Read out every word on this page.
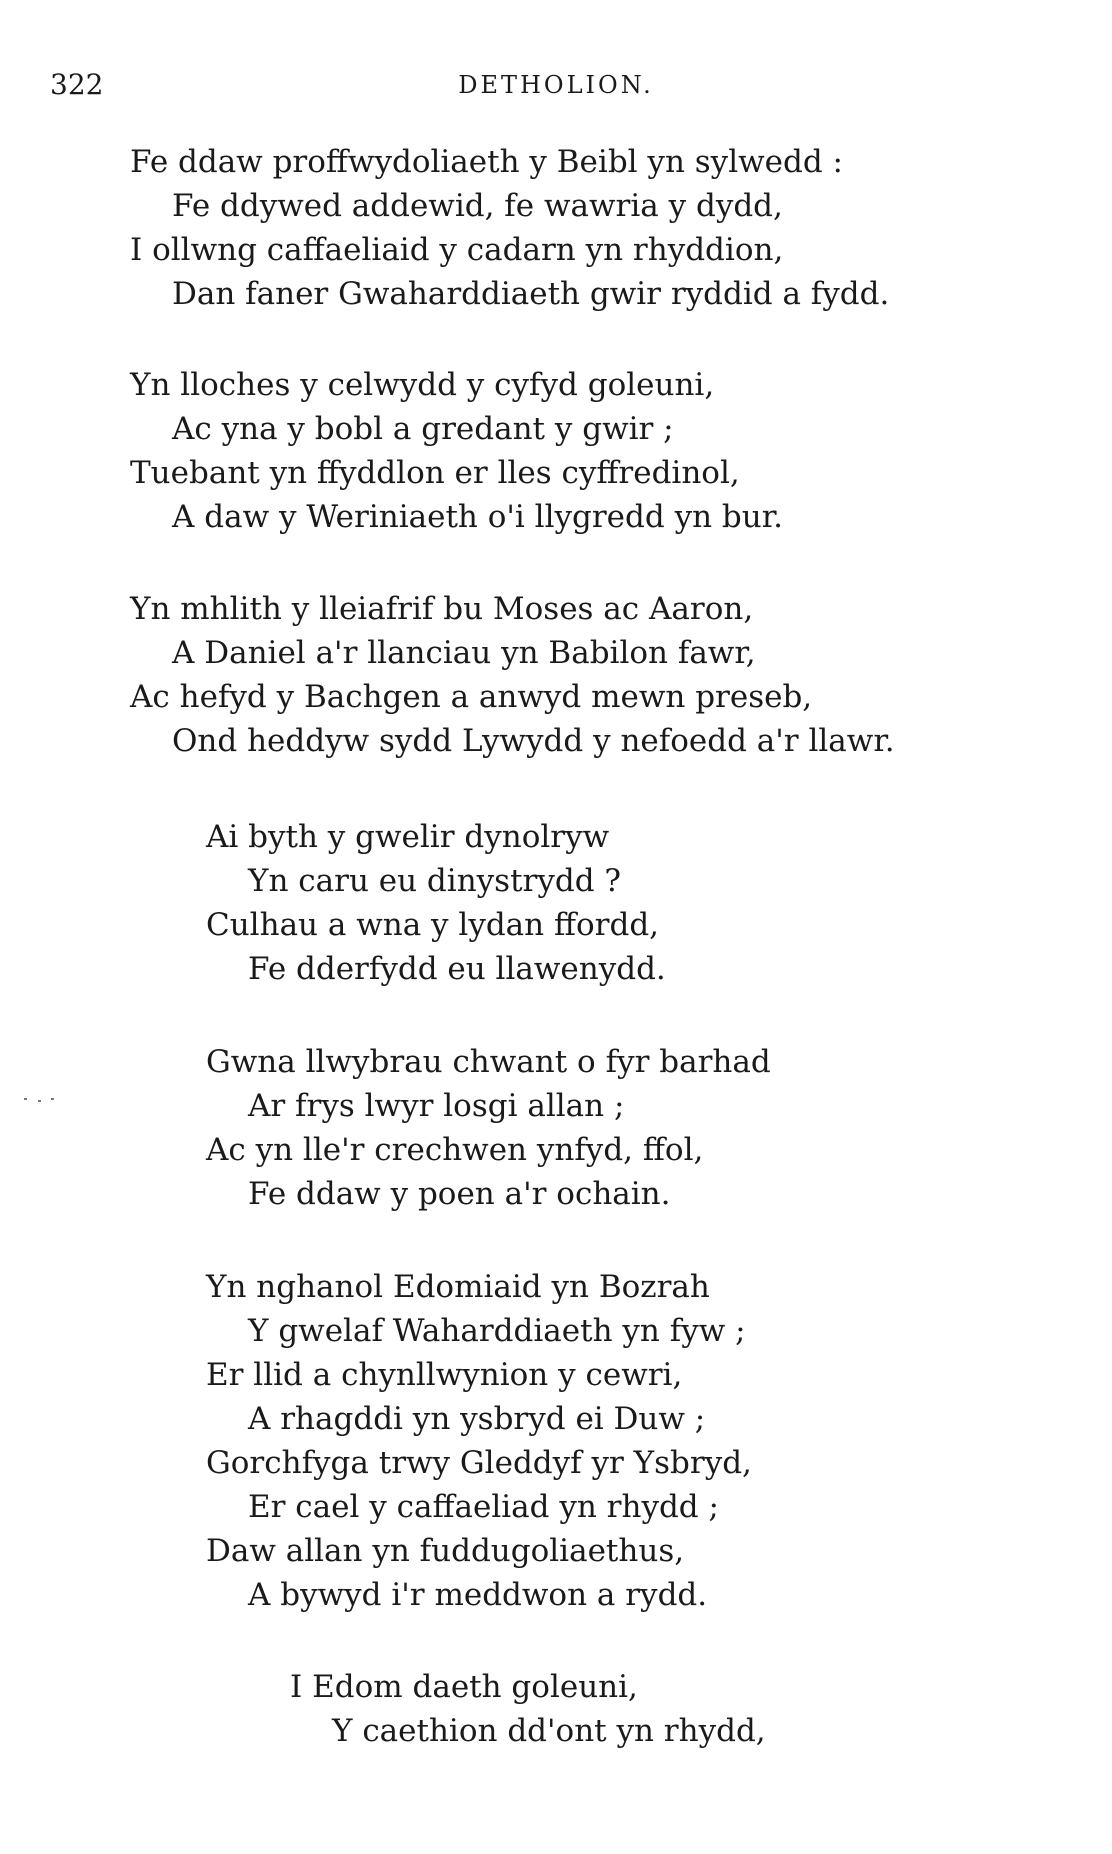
322	DETHOLION.
Fe ddaw proffwydoliaeth y Beibl yn sylwedd :
Fe ddywed addewid, fe wawria y dydd,
I ollwng caffaeliaid y cadarn yn rhyddion,
Dan faner Gwaharddiaeth gwir ryddid a fydd.
Yn lloches y celwydd y cyfyd goleuni,
Ac yna y bobl a gredant y gwir ;
Tuebant yn ffyddlon er lles cyffredinol,
A daw y Weriniaeth o'i llygredd yn bur.
Yn mhlith y lleiafrif bu Moses ac Aaron,
A Daniel a'r llanciau yn Babilon fawr,
Ac hefyd y Bachgen a anwyd mewn preseb,
Ond heddyw sydd Lywydd y nefoedd a'r llawr.
Ai byth y gwelir dynolryw
Yn caru eu dinystrydd ?
Culhau a wna y lydan ffordd,
Fe dderfydd eu llawenydd.
Gwna llwybrau chwant o fyr barhad
Ar frys lwyr losgi allan ;
Ac yn lle'r crechwen ynfyd, ffol,
Fe ddaw y poen a'r ochain.
Yn nghanol Edomiaid yn Bozrah
Y gwelaf Waharddiaeth yn fyw ;
Er llid a chynllwynion y cewri,
A rhagddi yn ysbryd ei Duw ;
Gorchfyga trwy Gleddyf yr Ysbryd,
Er cael y caffaeliad yn rhydd ;
Daw allan yn fuddugoliaethus,
A bywyd i'r meddwon a rydd.
I Edom daeth goleuni,
Y caethion dd'ont yn rhydd,
